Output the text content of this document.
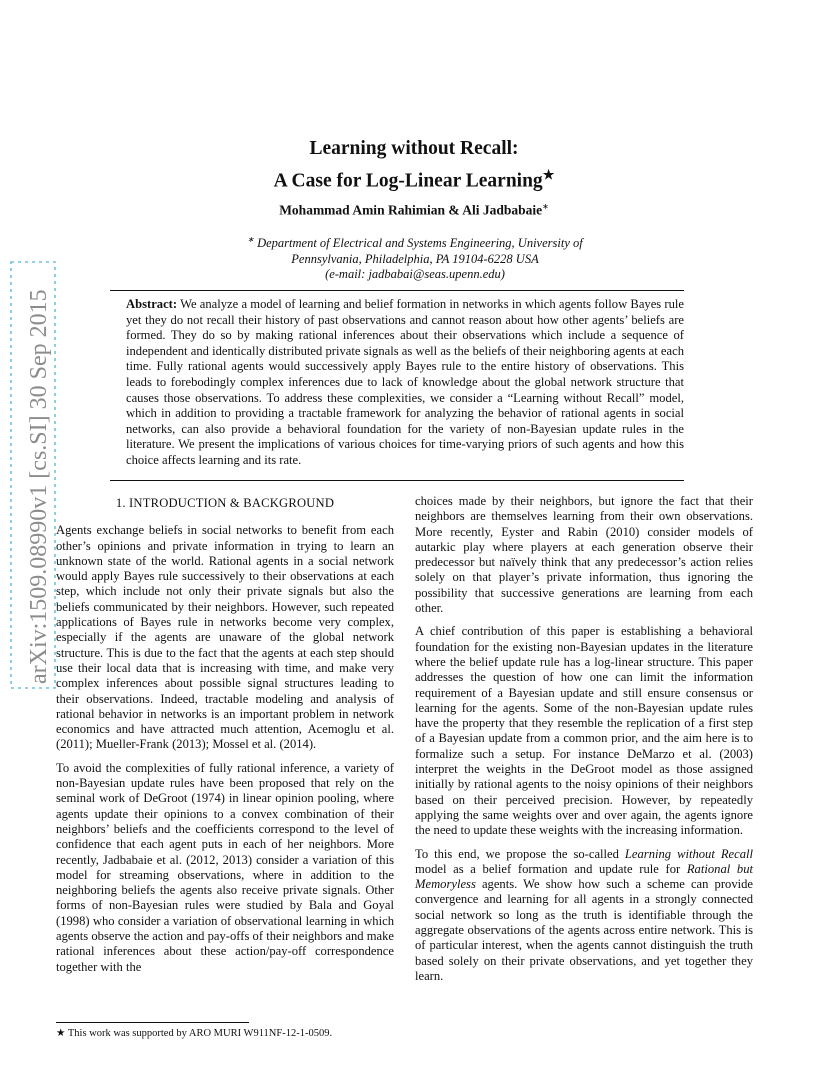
arXiv:1509.08990v1 [cs.SI] 30 Sep 2015
Learning without Recall:
A Case for Log-Linear Learning★
Mohammad Amin Rahimian & Ali Jadbabaie∗
∗ Department of Electrical and Systems Engineering, University of
Pennsylvania, Philadelphia, PA 19104-6228 USA
(e-mail: jadbabai@seas.upenn.edu)
Abstract: We analyze a model of learning and belief formation in networks in which agents follow Bayes rule yet they do not recall their history of past observations and cannot reason about how other agents’ beliefs are formed. They do so by making rational inferences about their observations which include a sequence of independent and identically distributed private signals as well as the beliefs of their neighboring agents at each time. Fully rational agents would successively apply Bayes rule to the entire history of observations. This leads to forebodingly complex inferences due to lack of knowledge about the global network structure that causes those observations. To address these complexities, we consider a “Learning without Recall” model, which in addition to providing a tractable framework for analyzing the behavior of rational agents in social networks, can also provide a behavioral foundation for the variety of non-Bayesian update rules in the literature. We present the implications of various choices for time-varying priors of such agents and how this choice affects learning and its rate.
1. INTRODUCTION & BACKGROUND

Agents exchange beliefs in social networks to benefit from each other’s opinions and private information in trying to learn an unknown state of the world. Rational agents in a social network would apply Bayes rule successively to their observations at each step, which include not only their private signals but also the beliefs communicated by their neighbors. However, such repeated applications of Bayes rule in networks become very complex, especially if the agents are unaware of the global network structure. This is due to the fact that the agents at each step should use their local data that is increasing with time, and make very complex inferences about possible signal structures leading to their observations. Indeed, tractable modeling and analysis of rational behavior in networks is an important problem in network economics and have attracted much attention, Acemoglu et al. (2011); Mueller-Frank (2013); Mossel et al. (2014).

To avoid the complexities of fully rational inference, a variety of non-Bayesian update rules have been proposed that rely on the seminal work of DeGroot (1974) in linear opinion pooling, where agents update their opinions to a convex combination of their neighbors’ beliefs and the coefficients correspond to the level of confidence that each agent puts in each of her neighbors. More recently, Jadbabaie et al. (2012, 2013) consider a variation of this model for streaming observations, where in addition to the neighboring beliefs the agents also receive private signals. Other forms of non-Bayesian rules were studied by Bala and Goyal (1998) who consider a variation of observational learning in which agents observe the action and pay-offs of their neighbors and make rational inferences about these action/pay-off correspondence together with the

choices made by their neighbors, but ignore the fact that their neighbors are themselves learning from their own observations. More recently, Eyster and Rabin (2010) consider models of autarkic play where players at each generation observe their predecessor but naïvely think that any predecessor’s action relies solely on that player’s private information, thus ignoring the possibility that successive generations are learning from each other.

A chief contribution of this paper is establishing a behavioral foundation for the existing non-Bayesian updates in the literature where the belief update rule has a log-linear structure. This paper addresses the question of how one can limit the information requirement of a Bayesian update and still ensure consensus or learning for the agents. Some of the non-Bayesian update rules have the property that they resemble the replication of a first step of a Bayesian update from a common prior, and the aim here is to formalize such a setup. For instance DeMarzo et al. (2003) interpret the weights in the DeGroot model as those assigned initially by rational agents to the noisy opinions of their neighbors based on their perceived precision. However, by repeatedly applying the same weights over and over again, the agents ignore the need to update these weights with the increasing information.

To this end, we propose the so-called Learning without Recall model as a belief formation and update rule for Rational but Memoryless agents. We show how such a scheme can provide convergence and learning for all agents in a strongly connected social network so long as the truth is identifiable through the aggregate observations of the agents across entire network. This is of particular interest, when the agents cannot distinguish the truth based solely on their private observations, and yet together they learn.

★ This work was supported by ARO MURI W911NF-12-1-0509.
